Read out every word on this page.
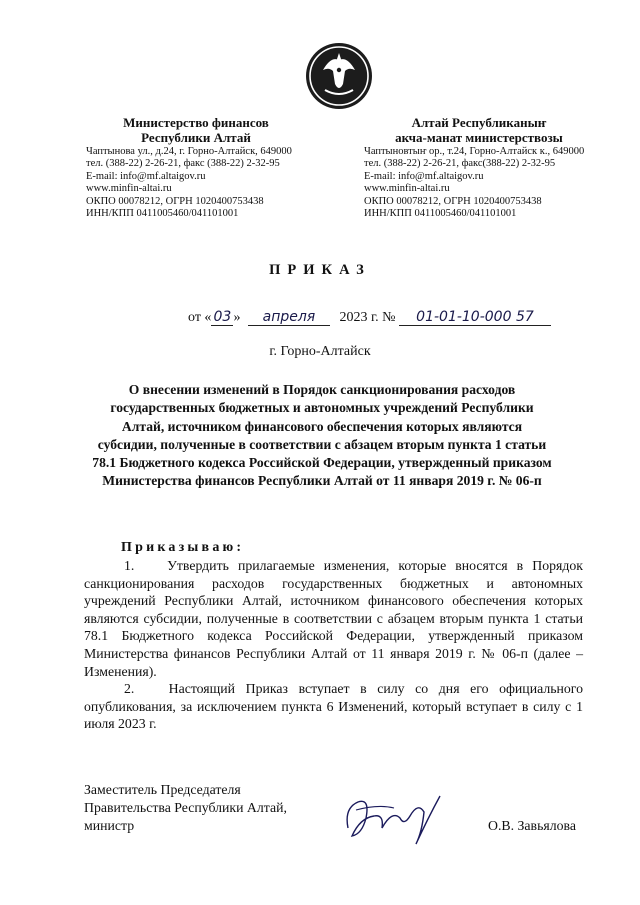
Министерство финансов
Республики Алтай
Чаптынова ул., д.24, г. Горно-Алтайск, 649000
тел. (388-22) 2-26-21, факс (388-22) 2-32-95
E-mail: info@mf.altaigov.ru
www.minfin-altai.ru
ОКПО 00078212, ОГРН 1020400753438
ИНН/КПП 0411005460/041101001
Алтай Республиканыҥ
акча-манат министерствозы
Чаптыновтыҥ ор., т.24, Горно-Алтайск к., 649000
тел. (388-22) 2-26-21, факс(388-22) 2-32-95
E-mail: info@mf.altaigov.ru
www.minfin-altai.ru
ОКПО 00078212, ОГРН 1020400753438
ИНН/КПП 0411005460/041101001
ПРИКАЗ
от « 03 » апреля 2023 г. № 01-01-10-000 57
г. Горно-Алтайск
О внесении изменений в Порядок санкционирования расходов государственных бюджетных и автономных учреждений Республики Алтай, источником финансового обеспечения которых являются субсидии, полученные в соответствии с абзацем вторым пункта 1 статьи 78.1 Бюджетного кодекса Российской Федерации, утвержденный приказом Министерства финансов Республики Алтай от 11 января 2019 г. № 06-п
Приказываю:
1. Утвердить прилагаемые изменения, которые вносятся в Порядок санкционирования расходов государственных бюджетных и автономных учреждений Республики Алтай, источником финансового обеспечения которых являются субсидии, полученные в соответствии с абзацем вторым пункта 1 статьи 78.1 Бюджетного кодекса Российской Федерации, утвержденный приказом Министерства финансов Республики Алтай от 11 января 2019 г. № 06-п (далее – Изменения).
2. Настоящий Приказ вступает в силу со дня его официального опубликования, за исключением пункта 6 Изменений, который вступает в силу с 1 июля 2023 г.
Заместитель Председателя
Правительства Республики Алтай,
министр	О.В. Завьялова
